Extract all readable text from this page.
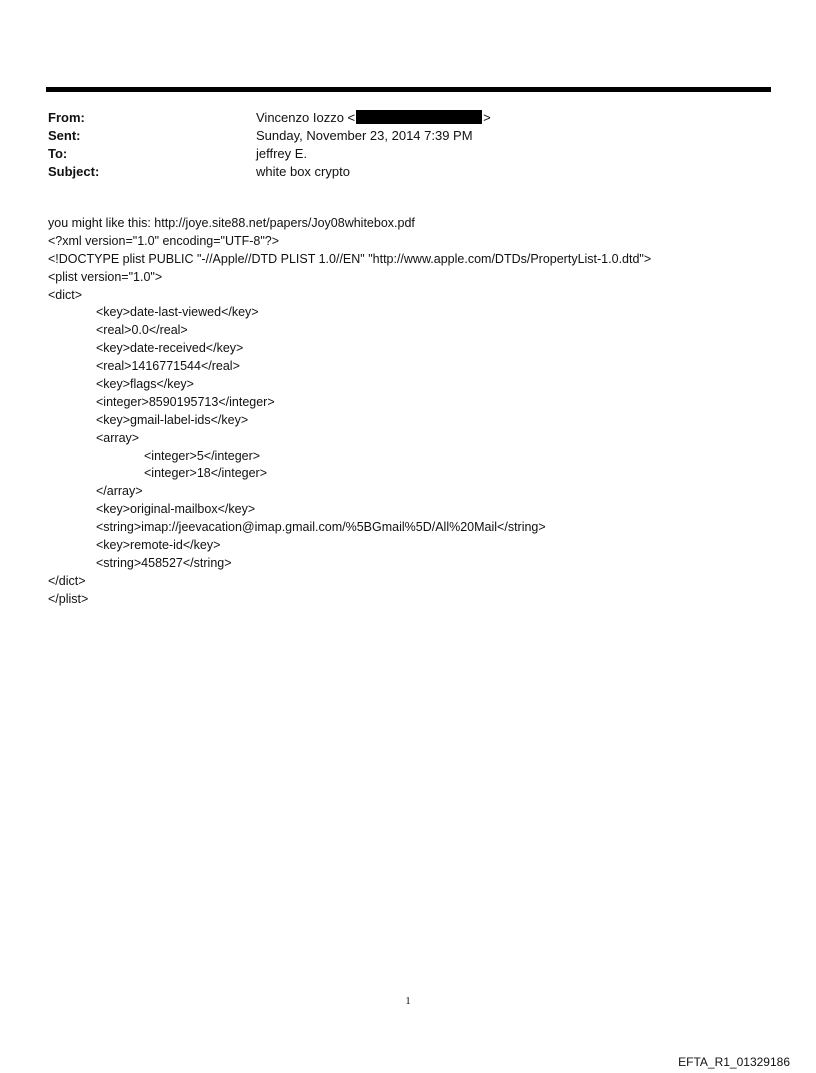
From:	Vincenzo Iozzo <	>
Sent:	Sunday, November 23, 2014 7:39 PM
To:	jeffrey E.
Subject:	white box crypto
you might like this: http://joye.site88.net/papers/Joy08whitebox.pdf
<?xml version="1.0" encoding="UTF-8"?>
<!DOCTYPE plist PUBLIC "-//Apple//DTD PLIST 1.0//EN" "http://www.apple.com/DTDs/PropertyList-1.0.dtd">
<plist version="1.0">
<dict>
<key>date-last-viewed</key>
<real>0.0</real>
<key>date-received</key>
<real>1416771544</real>
<key>flags</key>
<integer>8590195713</integer>
<key>gmail-label-ids</key>
<array>
<integer>5</integer>
<integer>18</integer>
</array>
<key>original-mailbox</key>
<string>imap://jeevacation@imap.gmail.com/%5BGmail%5D/All%20Mail</string>
<key>remote-id</key>
<string>458527</string>
</dict>
</plist>
1
EFTA_R1_01329186
